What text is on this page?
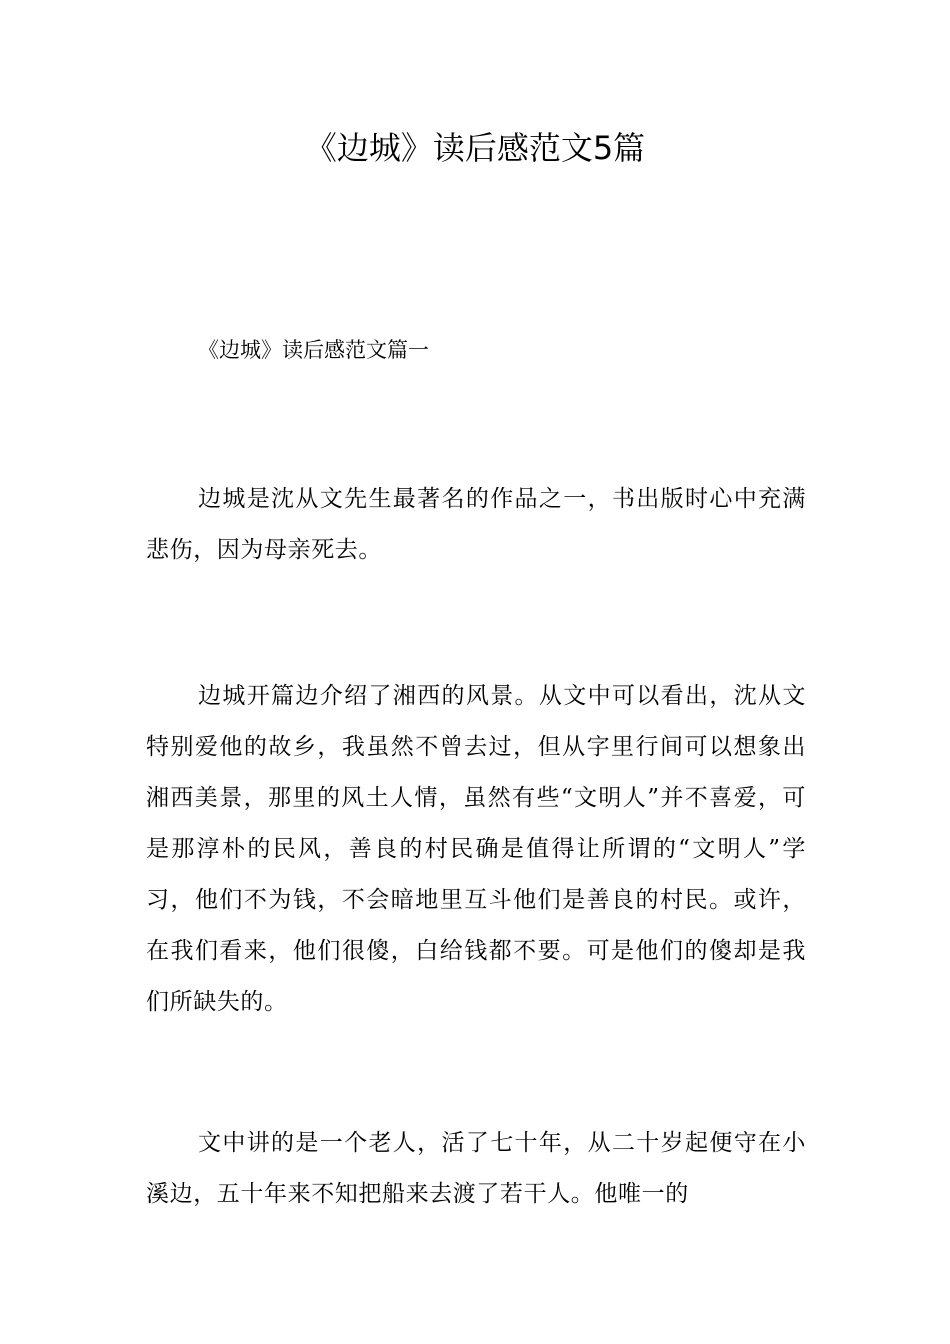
《边城》读后感范文5篇
《边城》读后感范文篇一

边城是沈从文先生最著名的作品之一，书出版时心中充满悲伤，因为母亲死去。

边城开篇边介绍了湘西的风景。从文中可以看出，沈从文特别爱他的故乡，我虽然不曾去过，但从字里行间可以想象出湘西美景，那里的风土人情，虽然有些“文明人”并不喜爱，可是那淳朴的民风，善良的村民确是值得让所谓的“文明人”学习，他们不为钱，不会暗地里互斗他们是善良的村民。或许，在我们看来，他们很傻，白给钱都不要。可是他们的傻却是我们所缺失的。

文中讲的是一个老人，活了七十年，从二十岁起便守在小溪边，五十年来不知把船来去渡了若干人。他唯一的
